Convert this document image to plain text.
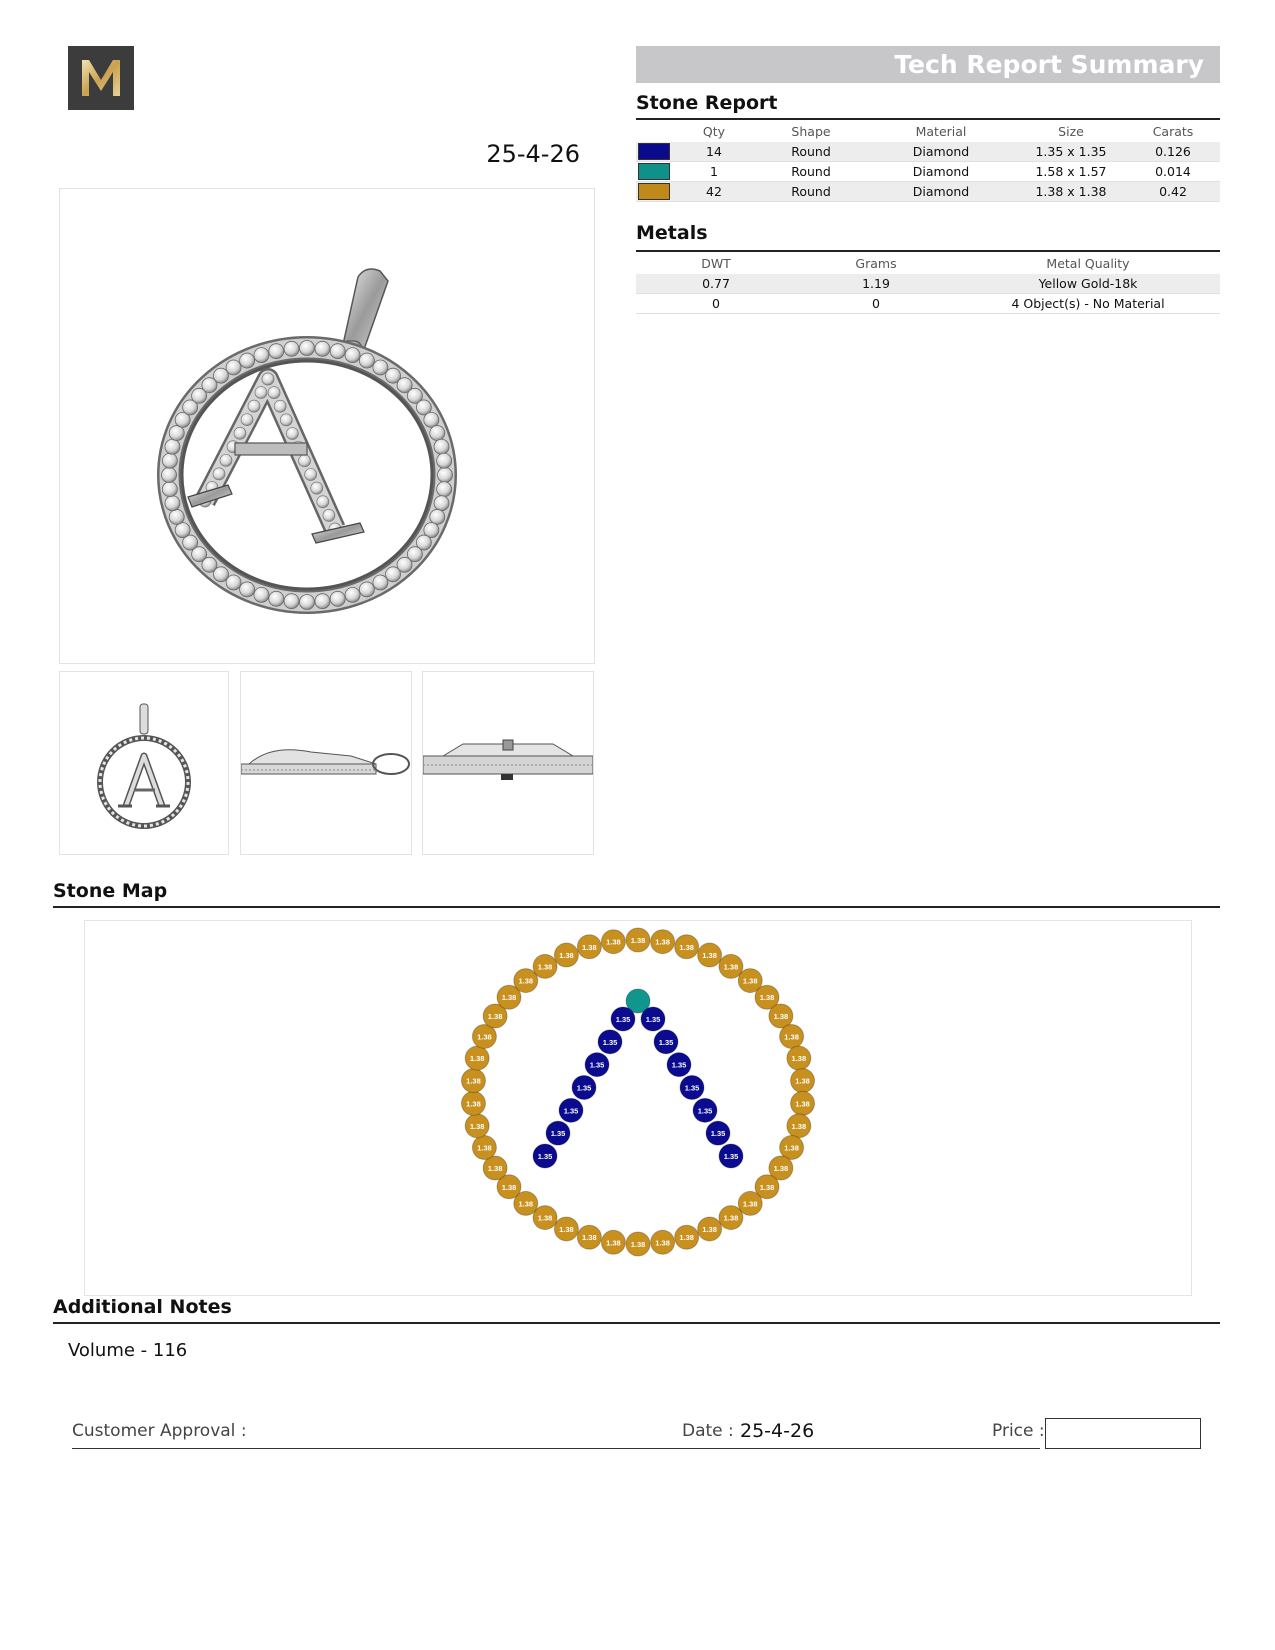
25-4-26
Tech Report Summary
Stone Report
	Qty	Shape	Material	Size	Carats
	14	Round	Diamond	1.35 x 1.35	0.126
	1	Round	Diamond	1.58 x 1.57	0.014
	42	Round	Diamond	1.38 x 1.38	0.42
Metals
DWT	Grams	Metal Quality
0.77	1.19	Yellow Gold-18k
0	0	4 Object(s) - No Material
Stone Map
1.38 1.38
1.38
1.38
1.38
1.38
1.38
1.38
1.38
1.38
1.38
1.38
1.38
1.38
1.38
1.38
1.38
1.38
1.38
1.38
1.38
1.38
1.38
1.38
1.38
1.38
1.38
1.38
1.38
1.38
1.38
1.38
1.38
1.38
1.38
1.38
1.38
1.38
1.38
1.38
1.38
1.38
1.35 1.35
1.35	1.35
1.35	1.35
1.35	1.35
1.35	1.35
1.35	1.35
1.35	1.35
Additional Notes
Volume - 116
Customer Approval :	Date : 25-4-26	Price :
